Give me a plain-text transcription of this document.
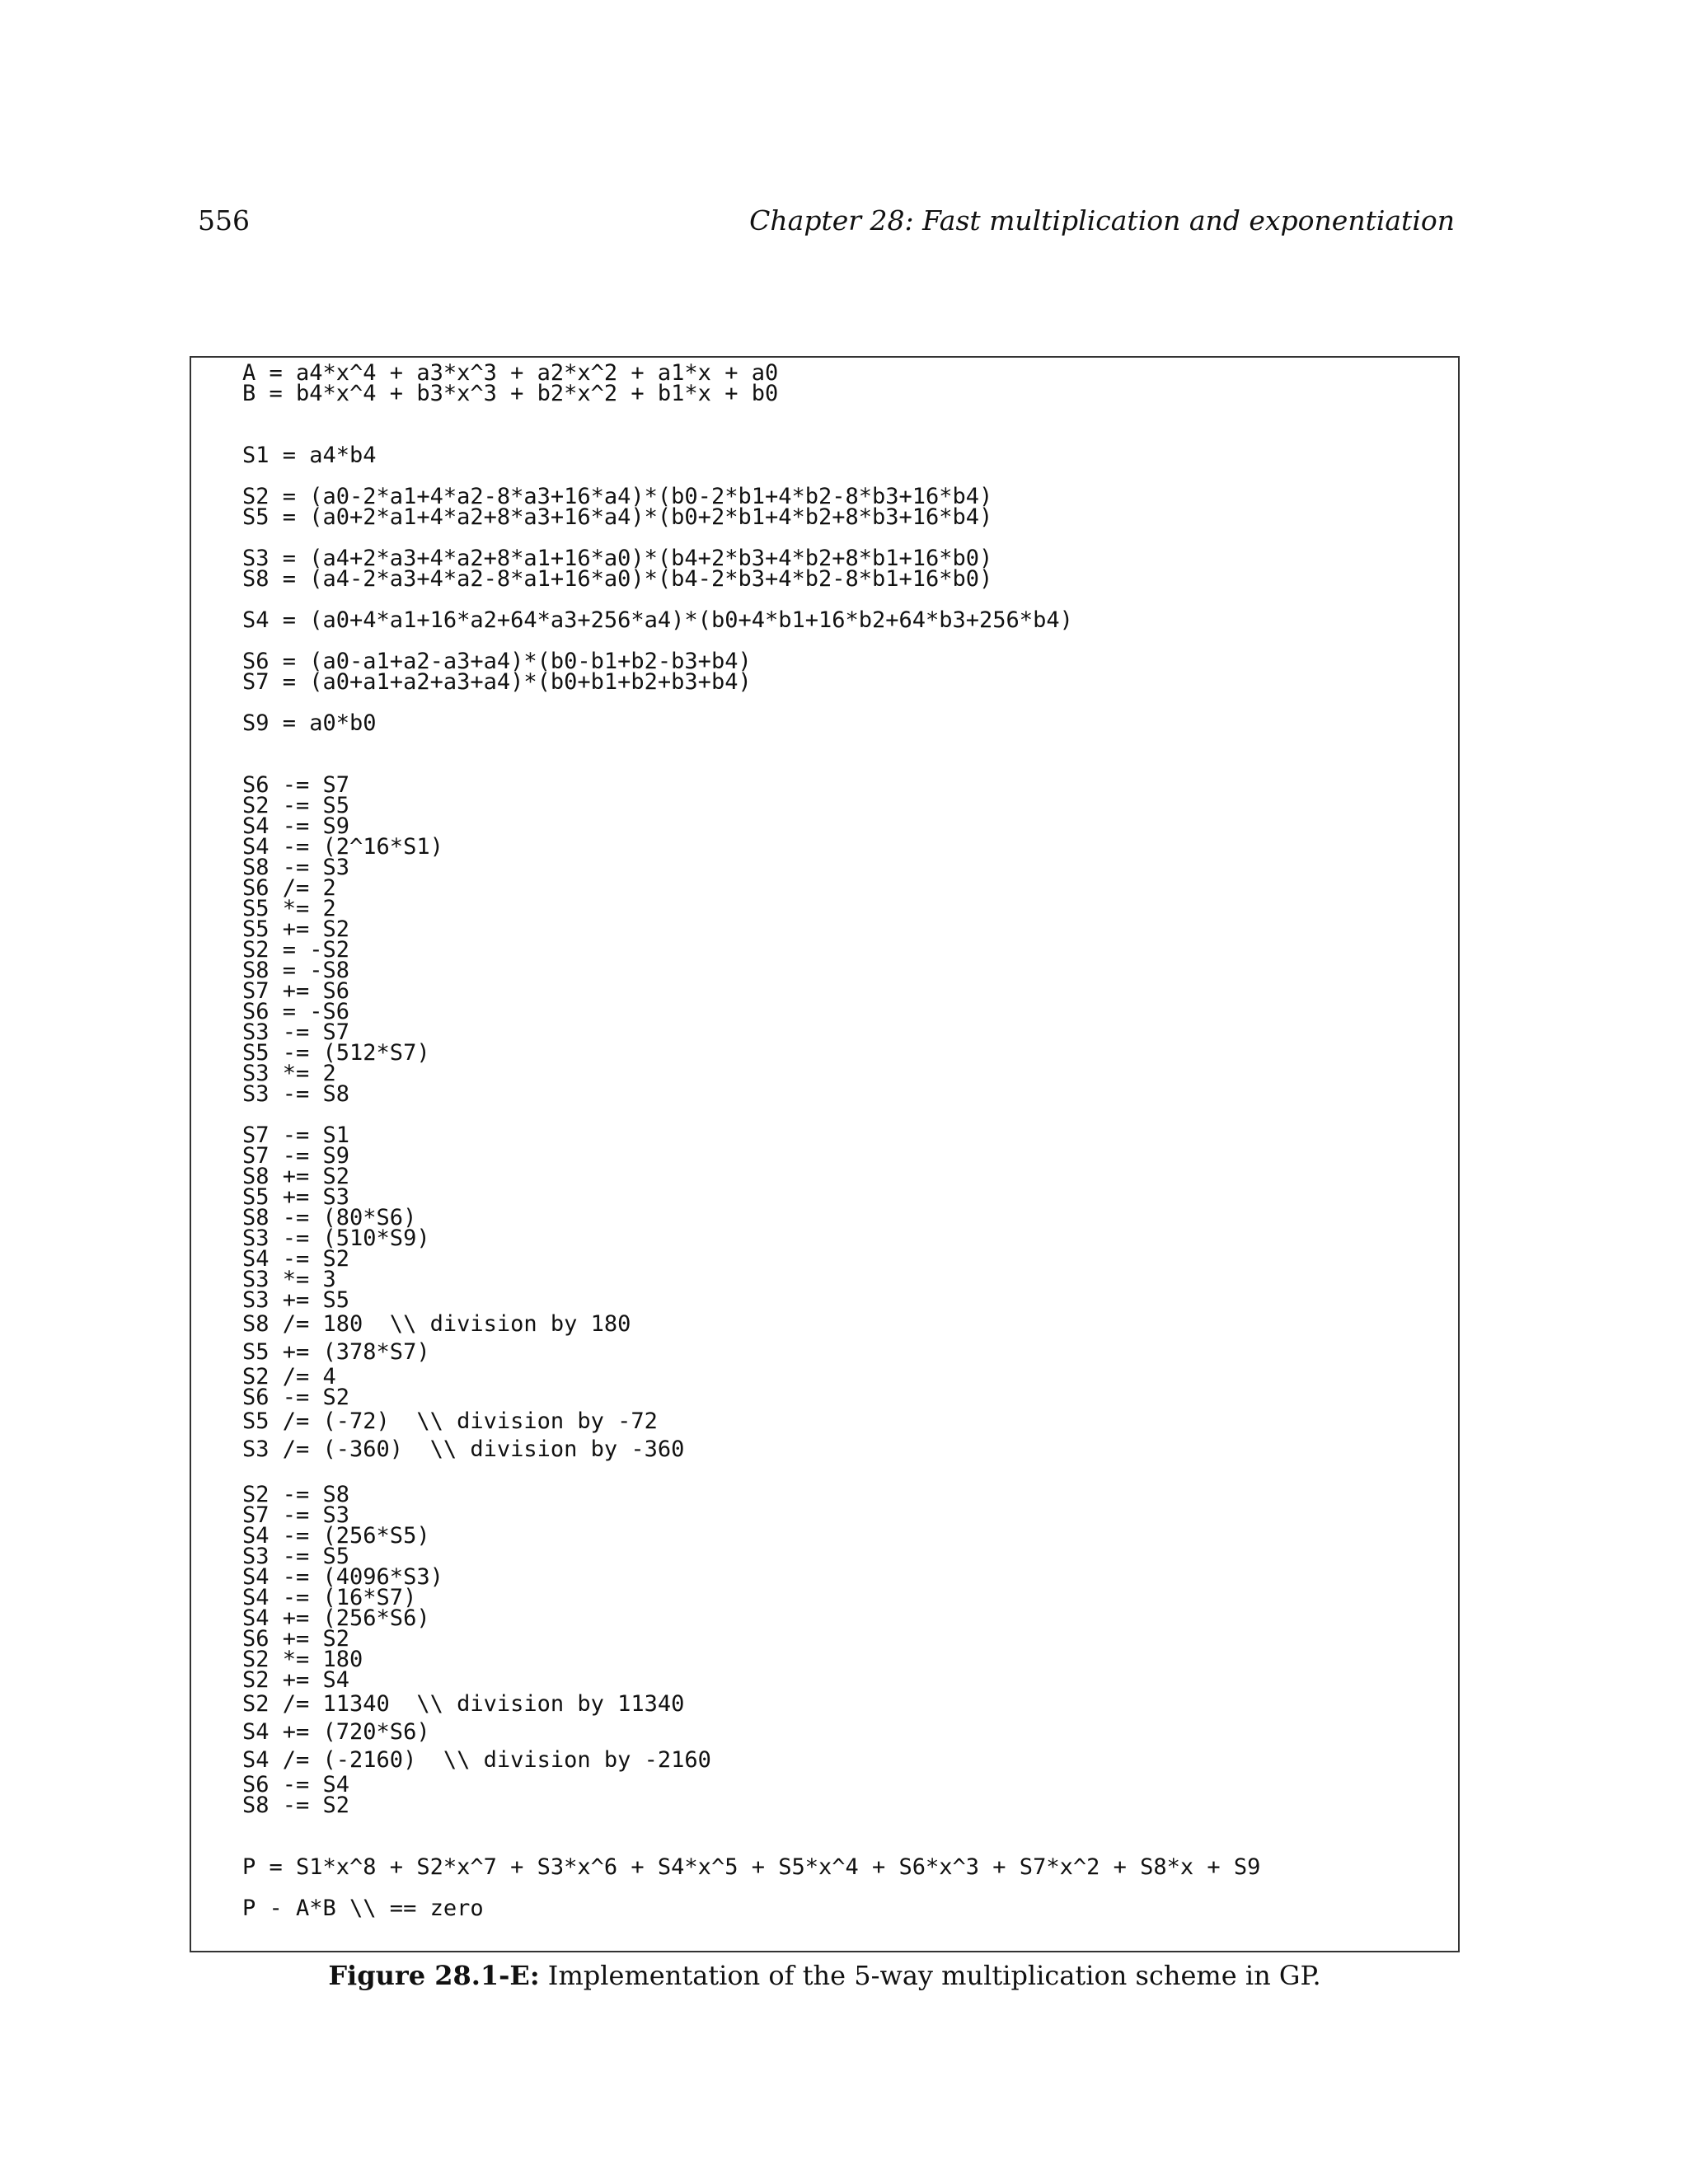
556	Chapter 28: Fast multiplication and exponentiation
A = a4*x^4 + a3*x^3 + a2*x^2 + a1*x + a0
B = b4*x^4 + b3*x^3 + b2*x^2 + b1*x + b0
S1 = a4*b4
S2 = (a0-2*a1+4*a2-8*a3+16*a4)*(b0-2*b1+4*b2-8*b3+16*b4)
S5 = (a0+2*a1+4*a2+8*a3+16*a4)*(b0+2*b1+4*b2+8*b3+16*b4)
S3 = (a4+2*a3+4*a2+8*a1+16*a0)*(b4+2*b3+4*b2+8*b1+16*b0)
S8 = (a4-2*a3+4*a2-8*a1+16*a0)*(b4-2*b3+4*b2-8*b1+16*b0)
S4 = (a0+4*a1+16*a2+64*a3+256*a4)*(b0+4*b1+16*b2+64*b3+256*b4)
S6 = (a0-a1+a2-a3+a4)*(b0-b1+b2-b3+b4)
S7 = (a0+a1+a2+a3+a4)*(b0+b1+b2+b3+b4)
S9 = a0*b0
S6 -= S7
S2 -= S5
S4 -= S9
S4 -= (2^16*S1)
S8 -= S3
S6 /= 2
S5 *= 2
S5 += S2
S2 = -S2
S8 = -S8
S7 += S6
S6 = -S6
S3 -= S7
S5 -= (512*S7)
S3 *= 2
S3 -= S8
S7 -= S1
S7 -= S9
S8 += S2
S5 += S3
S8 -= (80*S6)
S3 -= (510*S9)
S4 -= S2
S3 *= 3
S3 += S5
S8 /= 180  \\ division by 180
S5 += (378*S7)
S2 /= 4
S6 -= S2
S5 /= (-72)  \\ division by -72
S3 /= (-360)  \\ division by -360
S2 -= S8
S7 -= S3
S4 -= (256*S5)
S3 -= S5
S4 -= (4096*S3)
S4 -= (16*S7)
S4 += (256*S6)
S6 += S2
S2 *= 180
S2 += S4
S2 /= 11340  \\ division by 11340
S4 += (720*S6)
S4 /= (-2160)  \\ division by -2160
S6 -= S4
S8 -= S2
P = S1*x^8 + S2*x^7 + S3*x^6 + S4*x^5 + S5*x^4 + S6*x^3 + S7*x^2 + S8*x + S9
P - A*B \\ == zero
Figure 28.1-E: Implementation of the 5-way multiplication scheme in GP.
